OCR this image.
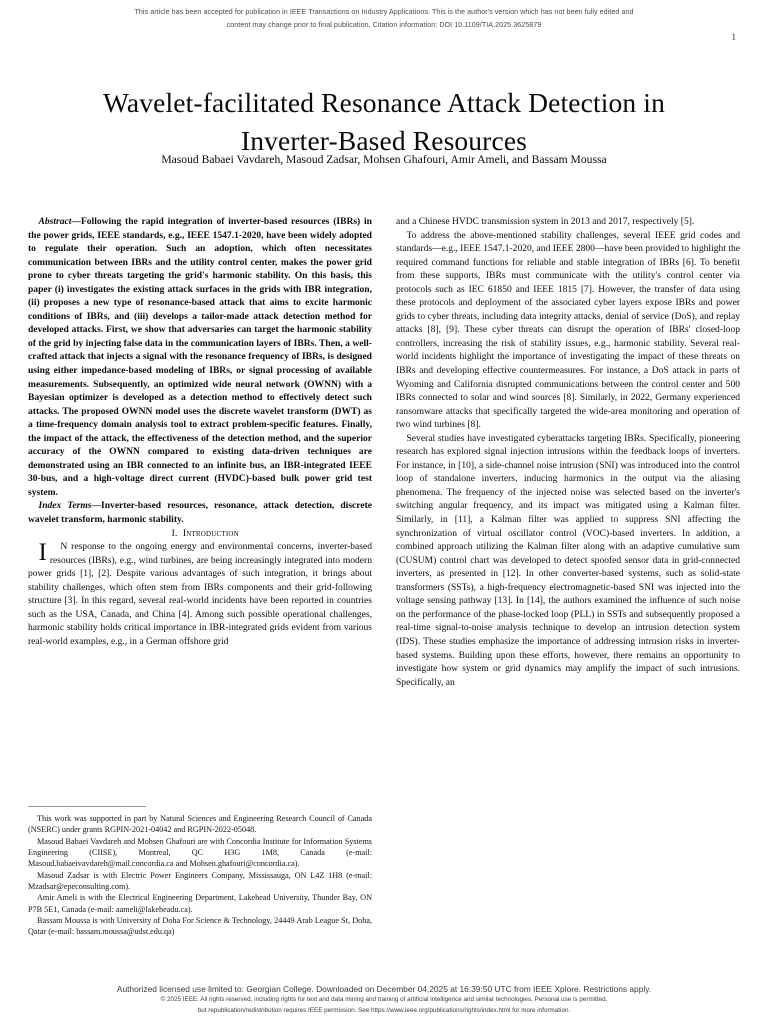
This article has been accepted for publication in IEEE Transactions on Industry Applications. This is the author's version which has not been fully edited and
content may change prior to final publication. Citation information: DOI 10.1109/TIA.2025.3625879
1
Wavelet-facilitated Resonance Attack Detection in Inverter-Based Resources
Masoud Babaei Vavdareh, Masoud Zadsar, Mohsen Ghafouri, Amir Ameli, and Bassam Moussa

Abstract—Following the rapid integration of inverter-based resources (IBRs) in the power grids, IEEE standards, e.g., IEEE 1547.1-2020, have been widely adopted to regulate their operation. Such an adoption, which often necessitates communication between IBRs and the utility control center, makes the power grid prone to cyber threats targeting the grid's harmonic stability. On this basis, this paper (i) investigates the existing attack surfaces in the grids with IBR integration, (ii) proposes a new type of resonance-based attack that aims to excite harmonic conditions of IBRs, and (iii) develops a tailor-made attack detection method for developed attacks. First, we show that adversaries can target the harmonic stability of the grid by injecting false data in the communication layers of IBRs. Then, a well-crafted attack that injects a signal with the resonance frequency of IBRs, is designed using either impedance-based modeling of IBRs, or signal processing of available measurements. Subsequently, an optimized wide neural network (OWNN) with a Bayesian optimizer is developed as a detection method to effectively detect such attacks. The proposed OWNN model uses the discrete wavelet transform (DWT) as a time-frequency domain analysis tool to extract problem-specific features. Finally, the impact of the attack, the effectiveness of the detection method, and the superior accuracy of the OWNN compared to existing data-driven techniques are demonstrated using an IBR connected to an infinite bus, an IBR-integrated IEEE 30-bus, and a high-voltage direct current (HVDC)-based bulk power grid test system.

Index Terms—Inverter-based resources, resonance, attack detection, discrete wavelet transform, harmonic stability.

I. Introduction

I	N response to the ongoing energy and environmental concerns, inverter-based resources (IBRs), e.g., wind turbines, are being increasingly integrated into modern power grids [1], [2]. Despite various advantages of such integration, it brings about stability challenges, which often stem from IBRs components and their grid-following structure [3]. In this regard, several real-world incidents have been reported in countries such as the USA, Canada, and China [4]. Among such possible operational challenges, harmonic stability holds critical importance in IBR-integrated grids evident from various real-world examples, e.g., in a German offshore grid

and a Chinese HVDC transmission system in 2013 and 2017, respectively [5].

To address the above-mentioned stability challenges, several IEEE grid codes and standards—e.g., IEEE 1547.1-2020, and IEEE 2800—have been provided to highlight the required command functions for reliable and stable integration of IBRs [6]. To benefit from these supports, IBRs must communicate with the utility's control center via protocols such as IEC 61850 and IEEE 1815 [7]. However, the transfer of data using these protocols and deployment of the associated cyber layers expose IBRs and power grids to cyber threats, including data integrity attacks, denial of service (DoS), and replay attacks [8], [9]. These cyber threats can disrupt the operation of IBRs' closed-loop controllers, increasing the risk of stability issues, e.g., harmonic stability. Several real-world incidents highlight the importance of investigating the impact of these threats on IBRs and developing effective countermeasures. For instance, a DoS attack in parts of Wyoming and California disrupted communications between the control center and 500 IBRs connected to solar and wind sources [8]. Similarly, in 2022, Germany experienced ransomware attacks that specifically targeted the wide-area monitoring and operation of two wind turbines [8].

Several studies have investigated cyberattacks targeting IBRs. Specifically, pioneering research has explored signal injection intrusions within the feedback loops of inverters. For instance, in [10], a side-channel noise intrusion (SNI) was introduced into the control loop of standalone inverters, inducing harmonics in the output via the aliasing phenomena. The frequency of the injected noise was selected based on the inverter's switching angular frequency, and its impact was mitigated using a Kalman filter. Similarly, in [11], a Kalman filter was applied to suppress SNI affecting the synchronization of virtual oscillator control (VOC)-based inverters. In addition, a combined approach utilizing the Kalman filter along with an adaptive cumulative sum (CUSUM) control chart was developed to detect spoofed sensor data in grid-connected inverters, as presented in [12]. In other converter-based systems, such as solid-state transformers (SSTs), a high-frequency electromagnetic-based SNI was injected into the voltage sensing pathway [13]. In [14], the authors examined the influence of such noise on the performance of the phase-locked loop (PLL) in SSTs and subsequently proposed a real-time signal-to-noise analysis technique to develop an intrusion detection system (IDS). These studies emphasize the importance of addressing intrusion risks in inverter-based systems. Building upon these efforts, however, there remains an opportunity to investigate how system or grid dynamics may amplify the impact of such intrusions. Specifically, an

This work was supported in part by Natural Sciences and Engineering Research Council of Canada (NSERC) under grants RGPIN-2021-04042 and RGPIN-2022-05048.

Masoud Babaei Vavdareh and Mohsen Ghafouri are with Concordia Institute for Information Systems Engineering (CIISE), Montreal, QC H3G 1M8, Canada (e-mail: Masoud.babaeivavdareh@mail.concordia.ca and Mohsen.ghafouri@concordia.ca).

Masoud Zadsar is with Electric Power Engineers Company, Mississauga, ON L4Z 1H8 (e-mail: Mzadsar@epeconsulting.com).

Amir Ameli is with the Electrical Engineering Department, Lakehead University, Thunder Bay, ON P7B 5E1, Canada (e-mail: aameli@lakeheadu.ca).

Bassam Moussa is with University of Doha For Science & Technology, 24449 Arab League St, Doha, Qatar (e-mail: bassam.moussa@udst.edu.qa)

Authorized licensed use limited to: Georgian College. Downloaded on December 04,2025 at 16:39:50 UTC from IEEE Xplore. Restrictions apply.
© 2025 IEEE. All rights reserved, including rights for text and data mining and training of artificial intelligence and similar technologies. Personal use is permitted,
but republication/redistribution requires IEEE permission. See https://www.ieee.org/publications/rights/index.html for more information.
